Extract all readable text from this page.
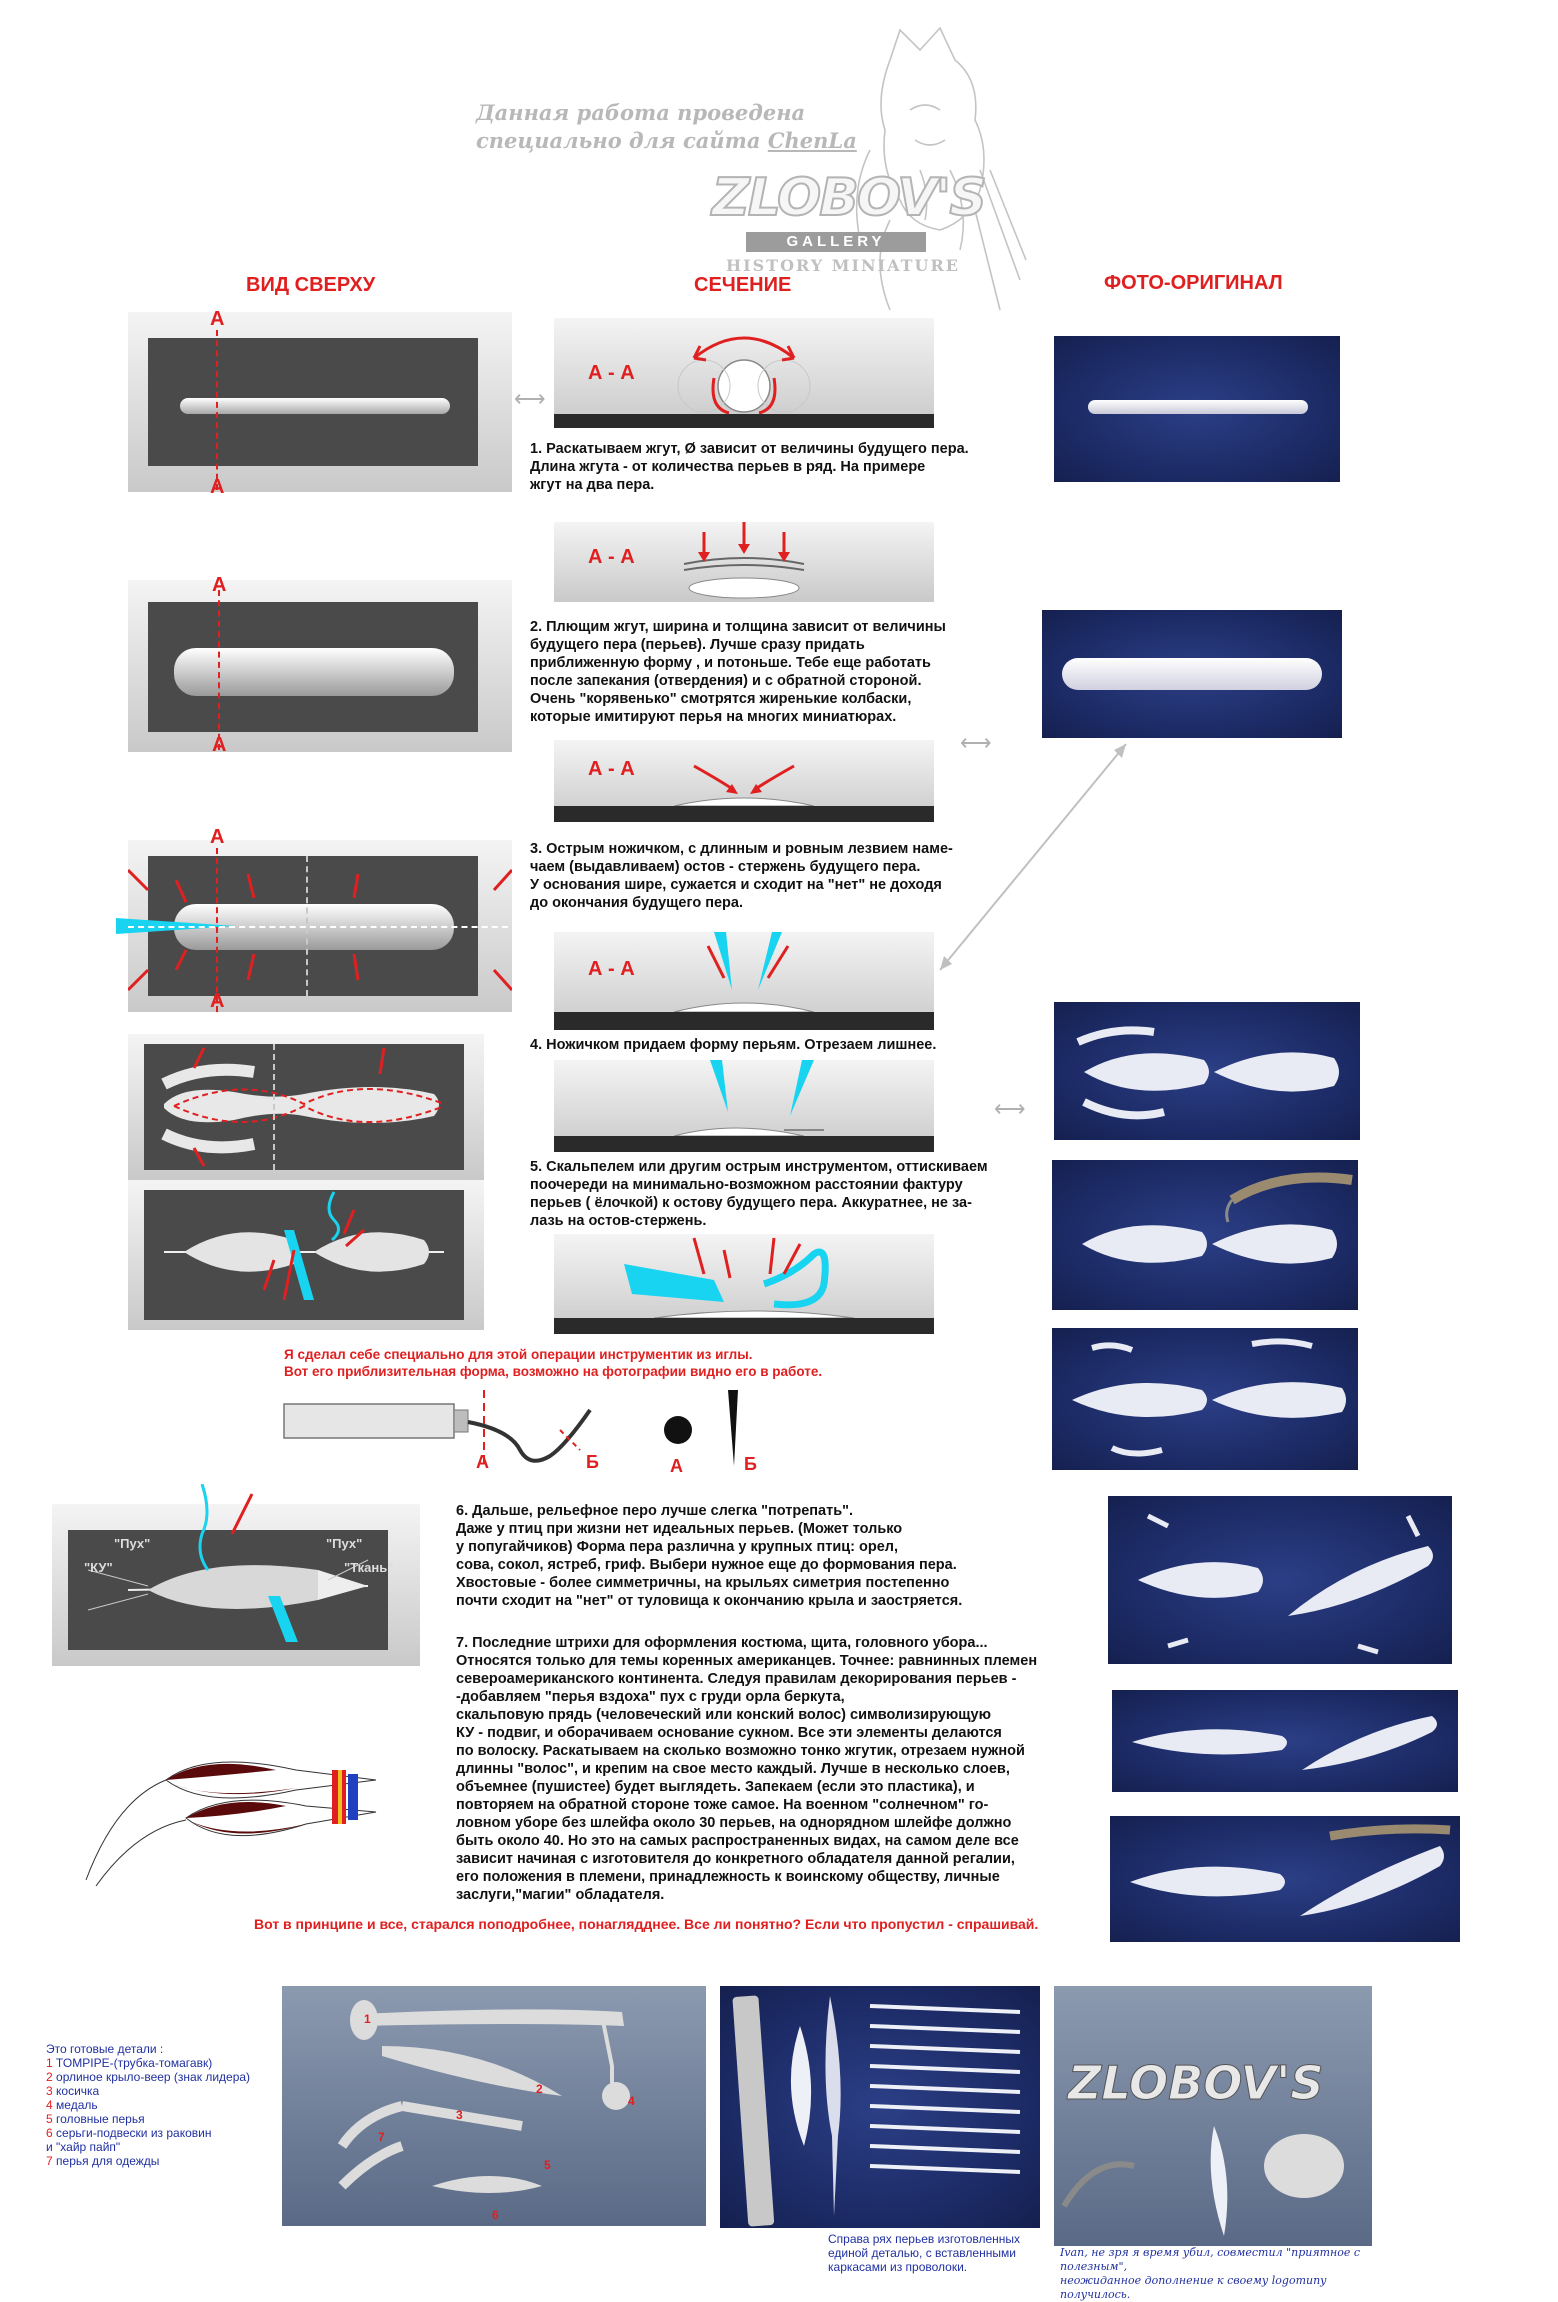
Данная работа проведена
специально для сайта ChenLa
ZLOBOV'S
GALLERY
HISTORY MINIATURE
ВИД СВЕРХУ	СЕЧЕНИЕ	ФОТО-ОРИГИНАЛ
А
А
⟷
А - А
1. Раскатываем жгут, Ø зависит от величины будущего пера.
Длина жгута - от количества перьев в ряд. На примере
жгут на два пера.
А - А
А
А
2. Плющим жгут, ширина и толщина зависит от величины
будущего пера (перьев). Лучше сразу придать
приближенную форму , и потоньше. Тебе еще работать
после запекания (отвердения) и с обратной стороной.
Очень "корявенько" смотрятся жиренькие колбаски,
которые имитируют перья на многих миниатюрах.
А - А
⟷
А
А
3. Острым ножичком, с длинным и ровным лезвием наме-
чаем (выдавливаем) остов - стержень будущего пера.
У основания шире, сужается и сходит на "нет" не доходя
до окончания будущего пера.
А - А
4. Ножичком придаем форму перьям. Отрезаем лишнее.
5. Скальпелем или другим острым инструментом, оттискиваем
поочереди на минимально-возможном расстоянии фактуру
перьев ( ёлочкой) к остову будущего пера. Аккуратнее, не за-
лазь на остов-стержень.
⟷
Я сделал себе специально для этой операции инструментик из иглы.
Вот его приблизительная форма, возможно на фотографии видно его в работе.
А	Б	А	Б
"Пух"
"КУ"
"Пух"
"Ткань"
6. Дальше, рельефное перо лучше слегка "потрепать".
Даже у птиц при жизни нет идеальных перьев. (Может только
у попугайчиков) Форма пера различна у крупных птиц: орел,
сова, сокол, ястреб, гриф. Выбери нужное еще до формования пера.
Хвостовые - более симметричны, на крыльях симетрия постепенно
почти сходит на "нет" от туловища к окончанию крыла и заостряется.
7. Последние штрихи для оформления костюма, щита, головного убора...
Относятся только для темы коренных американцев. Точнее: равнинных племен
североамериканского континента. Следуя правилам декорирования перьев -
-добавляем "перья вздоха" пух с груди орла беркута,
скальповую прядь (человеческий или конский волос) символизирующую
КУ - подвиг, и оборачиваем основание сукном. Все эти элементы делаются
по волоску. Раскатываем на сколько возможно тонко жгутик, отрезаем нужной
длинны "волос", и крепим на свое место каждый. Лучше в несколько слоев,
объемнее (пушистее) будет выглядеть. Запекаем (если это пластика), и
повторяем на обратной стороне тоже самое. На военном "солнечном" го-
ловном уборе без шлейфа около 30 перьев, на однорядном шлейфе должно
быть около 40. Но это на самых распространенных видах, на самом деле все
зависит начиная с изготовителя до конкретного обладателя данной регалии,
его положения в племени, принадлежность к воинскому обществу, личные
заслуги,"магии" обладателя.
Вот в принципе и все, старался поподробнее, понаглядднее. Все ли понятно? Если что пропустил - спрашивай.
Это готовые детали :
1 TOMPIPE-(трубка-томагавк)
2 орлиное крыло-веер (знак лидера)
3 косичка
4 медаль
5 головные перья
6 серьги-подвески из раковин
и "хайр пайп"
7 перья для одежды
1
2
3
4
5
6
7
ZLOBOV'S
Справа рях перьев изготовленных
единой деталью, с вставленными
каркасами из проволоки.

Ivan, не зря я время убил, совместил "приятное с полезным",
неожиданное дополнение к своему logoтипу получилось.
